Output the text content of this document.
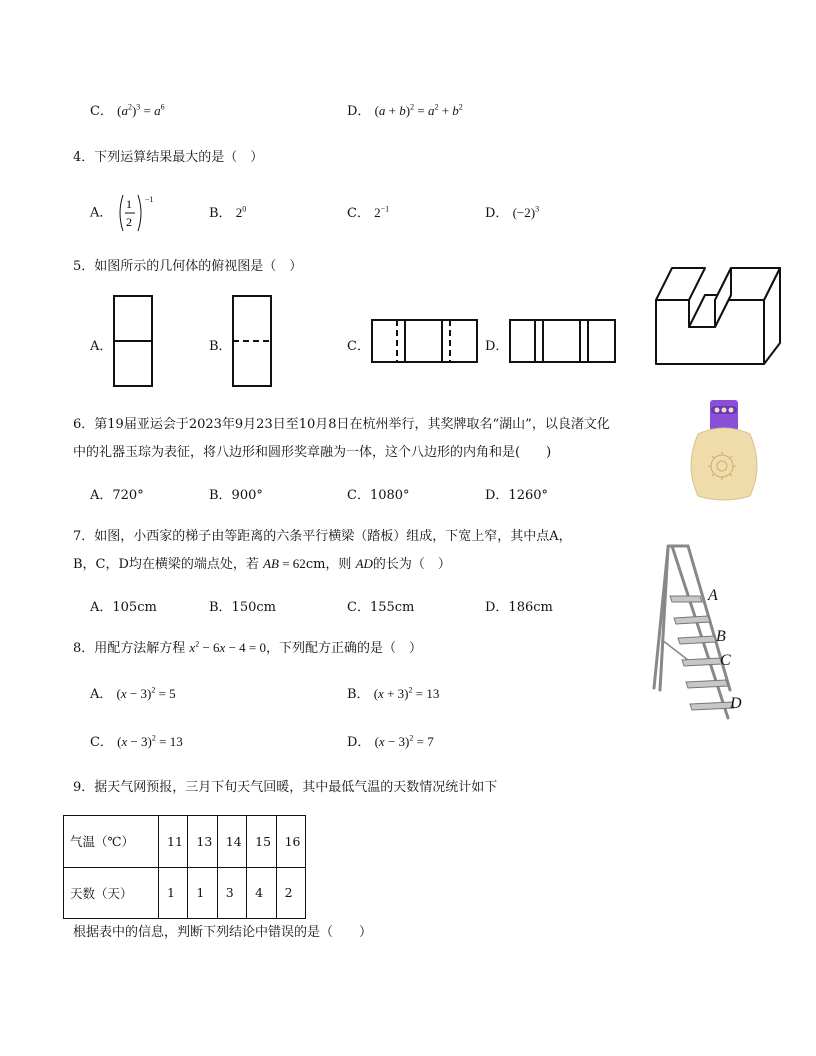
C． $(a^2)^3 = a^6$	D． $(a + b)^2 = a^2 + b^2$
4．下列运算结果最大的是（　）
A．
1
2
−1
B． $2^0$	C． $2^{-1}$	D． $(-2)^3$
5．如图所示的几何体的俯视图是（　）
A．	B．	C．	D．
6．第19届亚运会于2023年9月23日至10月8日在杭州举行，其奖牌取名“湖山”，以良渚文化
中的礼器玉琮为表征，将八边形和圆形奖章融为一体，这个八边形的内角和是(　　)
A．720°	B．900°	C．1080°	D．1260°
7．如图，小西家的梯子由等距离的六条平行横梁（踏板）组成，下宽上窄，其中点A，
B，C，D均在横梁的端点处，若 AB = 62cm，则 AD的长为（　）
A．105cm	B．150cm	C．155cm	D．186cm
A
B
C
D
8．用配方法解方程 $x^2 - 6x - 4 = 0$，下列配方正确的是（　）
A． $(x - 3)^2 = 5$	B． $(x + 3)^2 = 13$
C． $(x - 3)^2 = 13$	D． $(x - 3)^2 = 7$
9．据天气网预报，三月下旬天气回暖，其中最低气温的天数情况统计如下
气温（℃）	11	13	14	15	16
天数（天）	1	1	3	4	2
根据表中的信息，判断下列结论中错误的是（　　）
